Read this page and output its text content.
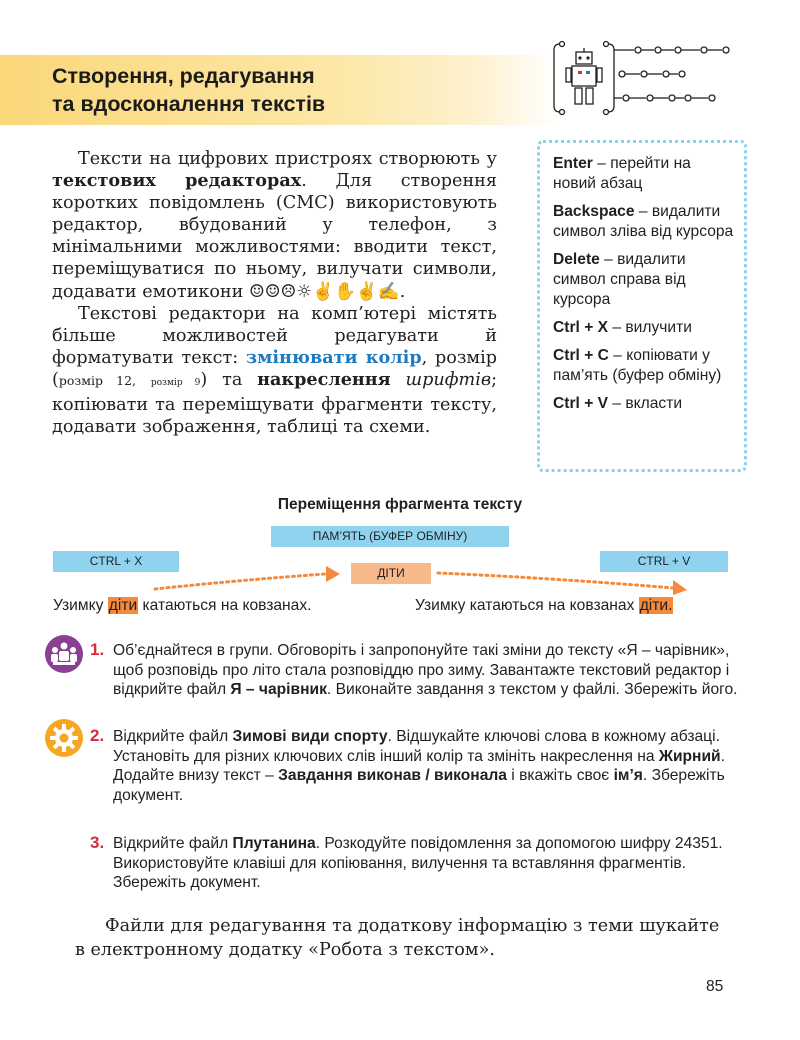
Створення, редагування
та вдосконалення текстів

Тексти на цифрових пристроях створюють у текстових редакторах. Для створення коротких повідомлень (СМС) використовують редактор, вбудований у телефон, з мінімальними можливостями: вводити текст, переміщуватися по ньому, вилучати символи, додавати емотикони ☺☺☹☼✌✋✌✍.

Текстові редактори на комп’ютері містять більше можливостей редагувати й форматувати текст: змінювати колір, розмір (розмір 12, розмір 9) та накреслення шрифтів; копіювати та переміщувати фрагменти тексту, додавати зображення, таблиці та схеми.

Enter – перейти на новий абзац
Backspace – видалити символ зліва від курсора
Delete – видалити символ справа від курсора
Ctrl + X – вилучити
Ctrl + C – копіювати у пам’ять (буфер обміну)
Ctrl + V – вкласти
Переміщення фрагмента тексту
ПАМ’ЯТЬ (БУФЕР ОБМІНУ)
CTRL + X	CTRL + V
ДІТИ
Узимку діти катаються на ковзанах.	Узимку катаються на ковзанах діти.
1. Об’єднайтеся в групи. Обговоріть і запропонуйте такі зміни до тексту «Я – чарівник», щоб розповідь про літо стала розповіддю про зиму. Завантажте текстовий редактор і відкрийте файл Я – чарівник. Виконайте завдання з текстом у файлі. Збережіть його.
2. Відкрийте файл Зимові види спорту. Відшукайте ключові слова в кожному абзаці. Установіть для різних ключових слів інший колір та змініть накреслення на Жирний. Додайте внизу текст – Завдання виконав / виконала і вкажіть своє ім’я. Збережіть документ.
3. Відкрийте файл Плутанина. Розкодуйте повідомлення за допомогою шифру 24351. Використовуйте клавіші для копіювання, вилучення та вставляння фрагментів. Збережіть документ.
Файли для редагування та додаткову інформацію з теми шукайте в електронному додатку «Робота з текстом».
85
